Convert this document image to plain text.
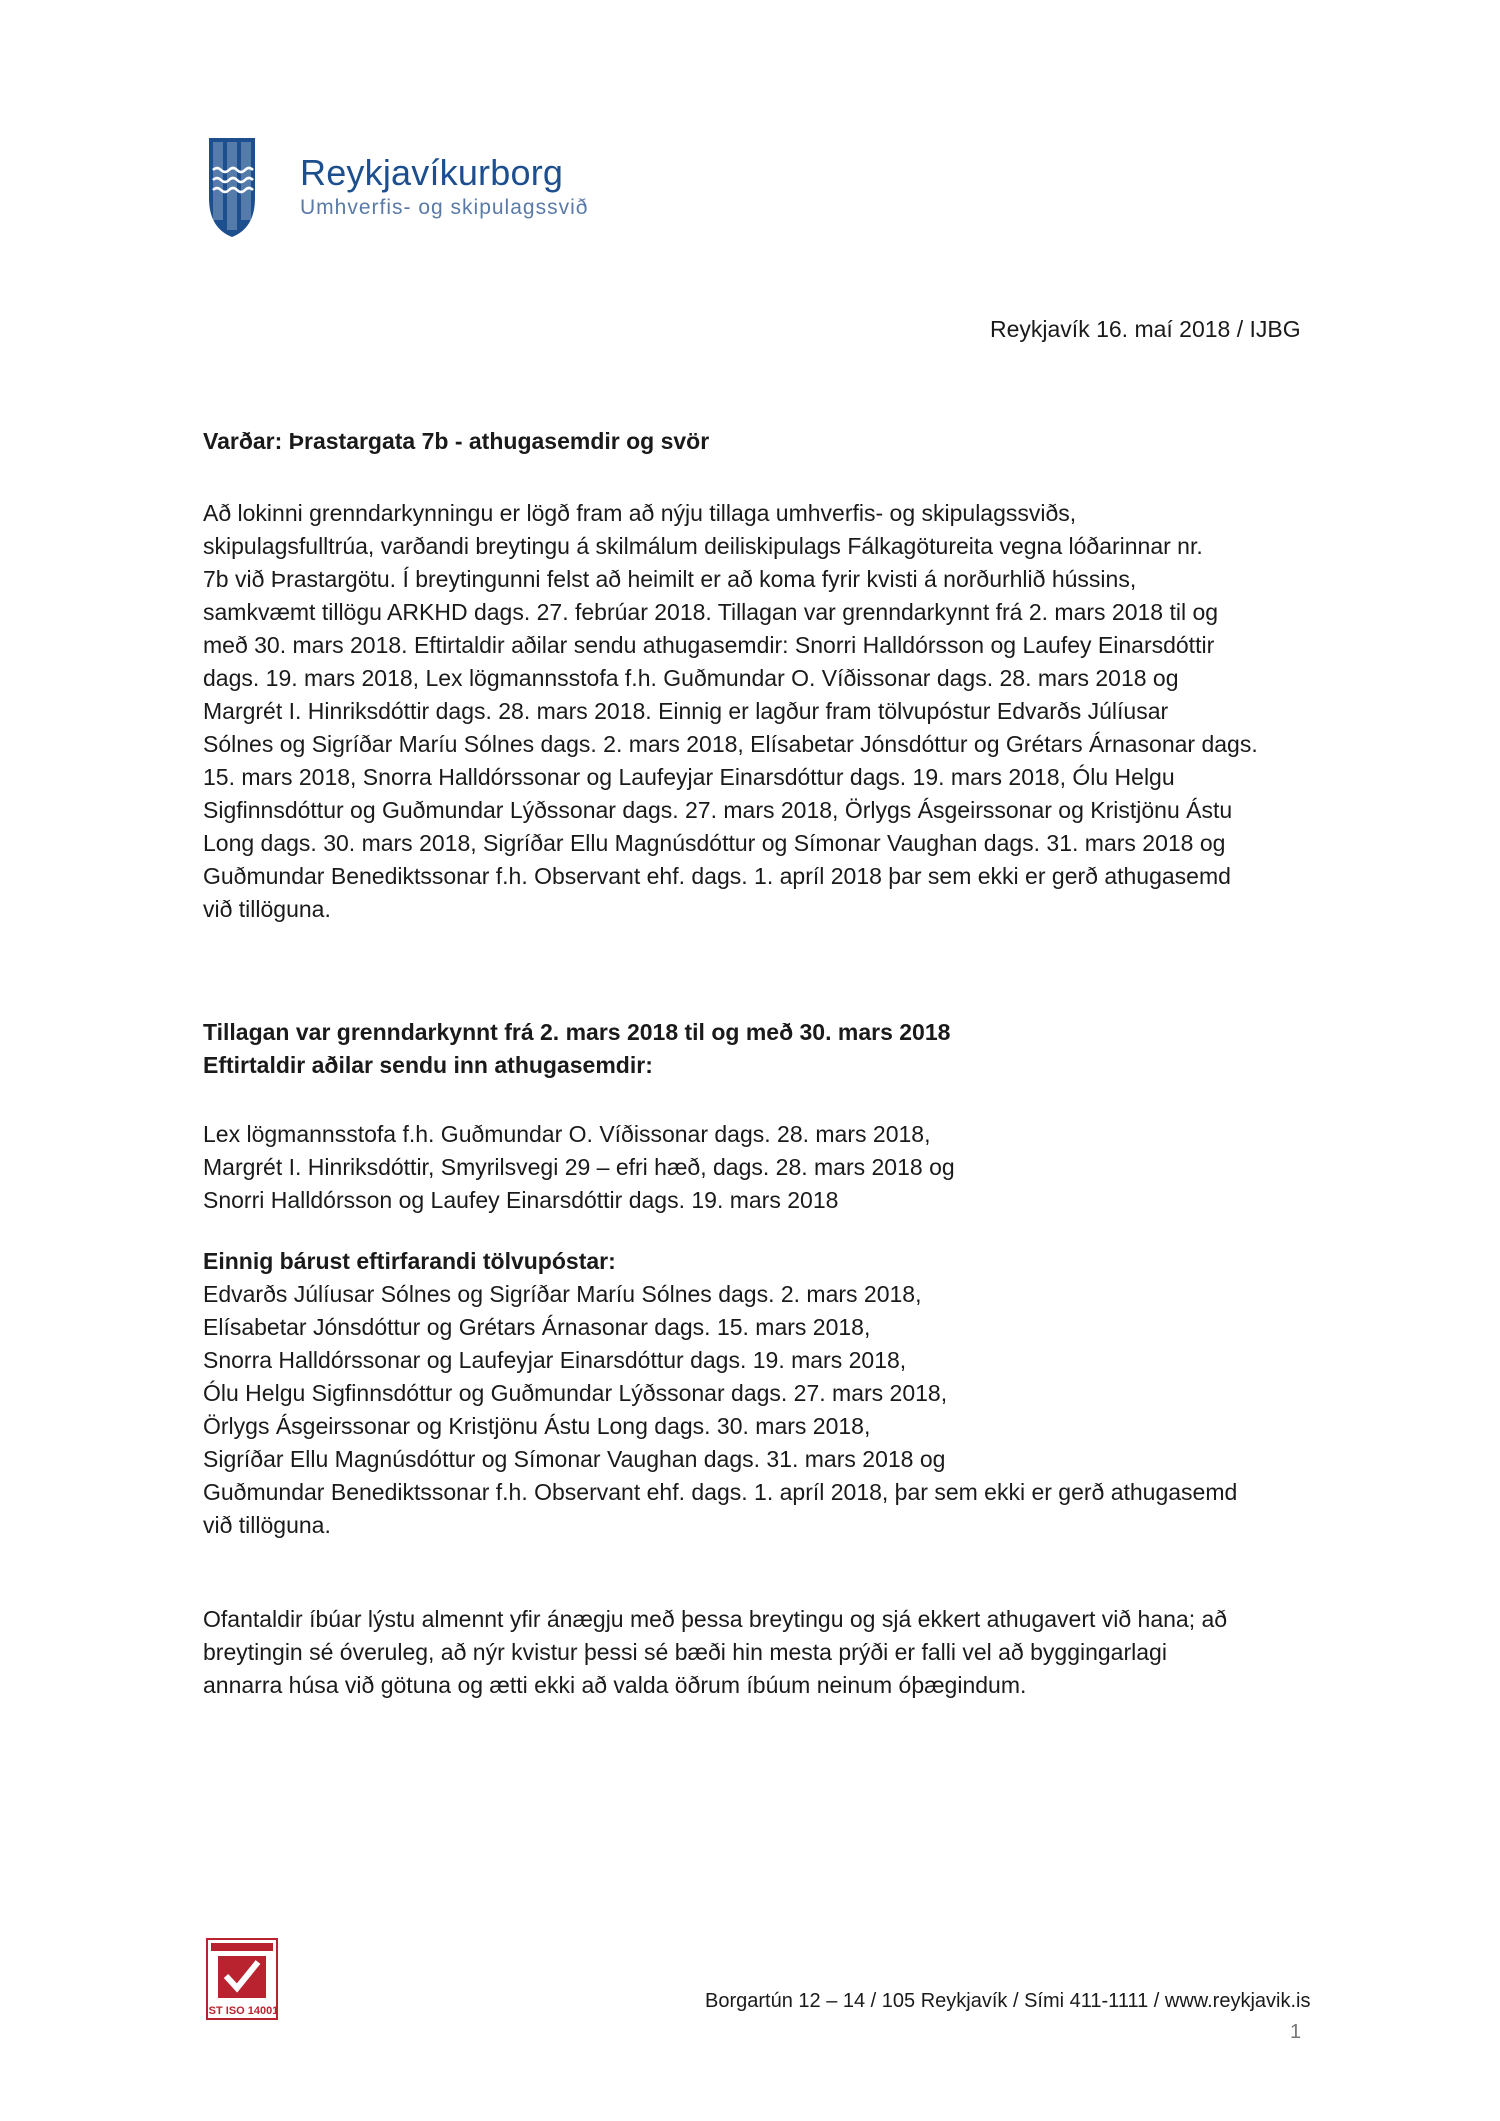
Reykjavíkurborg
Umhverfis- og skipulagssvið
Reykjavík 16. maí 2018 / IJBG
Varðar: Þrastargata 7b - athugasemdir og svör
Að lokinni grenndarkynningu er lögð fram að nýju tillaga umhverfis- og skipulagssviðs,
skipulagsfulltrúa, varðandi breytingu á skilmálum deiliskipulags Fálkagötureita vegna lóðarinnar nr.
7b við Þrastargötu. Í breytingunni felst að heimilt er að koma fyrir kvisti á norðurhlið hússins,
samkvæmt tillögu ARKHD dags. 27. febrúar 2018. Tillagan var grenndarkynnt frá 2. mars 2018 til og
með 30. mars 2018. Eftirtaldir aðilar sendu athugasemdir: Snorri Halldórsson og Laufey Einarsdóttir
dags. 19. mars 2018, Lex lögmannsstofa f.h. Guðmundar O. Víðissonar dags. 28. mars 2018 og
Margrét I. Hinriksdóttir dags. 28. mars 2018. Einnig er lagður fram tölvupóstur Edvarðs Júlíusar
Sólnes og Sigríðar Maríu Sólnes dags. 2. mars 2018, Elísabetar Jónsdóttur og Grétars Árnasonar dags.
15. mars 2018, Snorra Halldórssonar og Laufeyjar Einarsdóttur dags. 19. mars 2018, Ólu Helgu
Sigfinnsdóttur og Guðmundar Lýðssonar dags. 27. mars 2018, Örlygs Ásgeirssonar og Kristjönu Ástu
Long dags. 30. mars 2018, Sigríðar Ellu Magnúsdóttur og Símonar Vaughan dags. 31. mars 2018 og
Guðmundar Benediktssonar f.h. Observant ehf. dags. 1. apríl 2018 þar sem ekki er gerð athugasemd
við tillöguna.
Tillagan var grenndarkynnt frá 2. mars 2018 til og með 30. mars 2018
Eftirtaldir aðilar sendu inn athugasemdir:
Lex lögmannsstofa f.h. Guðmundar O. Víðissonar dags. 28. mars 2018,
Margrét I. Hinriksdóttir, Smyrilsvegi 29 – efri hæð, dags. 28. mars 2018 og
Snorri Halldórsson og Laufey Einarsdóttir dags. 19. mars 2018
Einnig bárust eftirfarandi tölvupóstar:
Edvarðs Júlíusar Sólnes og Sigríðar Maríu Sólnes dags. 2. mars 2018,
Elísabetar Jónsdóttur og Grétars Árnasonar dags. 15. mars 2018,
Snorra Halldórssonar og Laufeyjar Einarsdóttur dags. 19. mars 2018,
Ólu Helgu Sigfinnsdóttur og Guðmundar Lýðssonar dags. 27. mars 2018,
Örlygs Ásgeirssonar og Kristjönu Ástu Long dags. 30. mars 2018,
Sigríðar Ellu Magnúsdóttur og Símonar Vaughan dags. 31. mars 2018 og
Guðmundar Benediktssonar f.h. Observant ehf. dags. 1. apríl 2018, þar sem ekki er gerð athugasemd
við tillöguna.
Ofantaldir íbúar lýstu almennt yfir ánægju með þessa breytingu og sjá ekkert athugavert við hana; að
breytingin sé óveruleg, að nýr kvistur þessi sé bæði hin mesta prýði er falli vel að byggingarlagi
annarra húsa við götuna og ætti ekki að valda öðrum íbúum neinum óþægindum.
IST ISO 14001	Borgartún 12 – 14 / 105 Reykjavík / Sími 411-1111 / www.reykjavik.is
1
